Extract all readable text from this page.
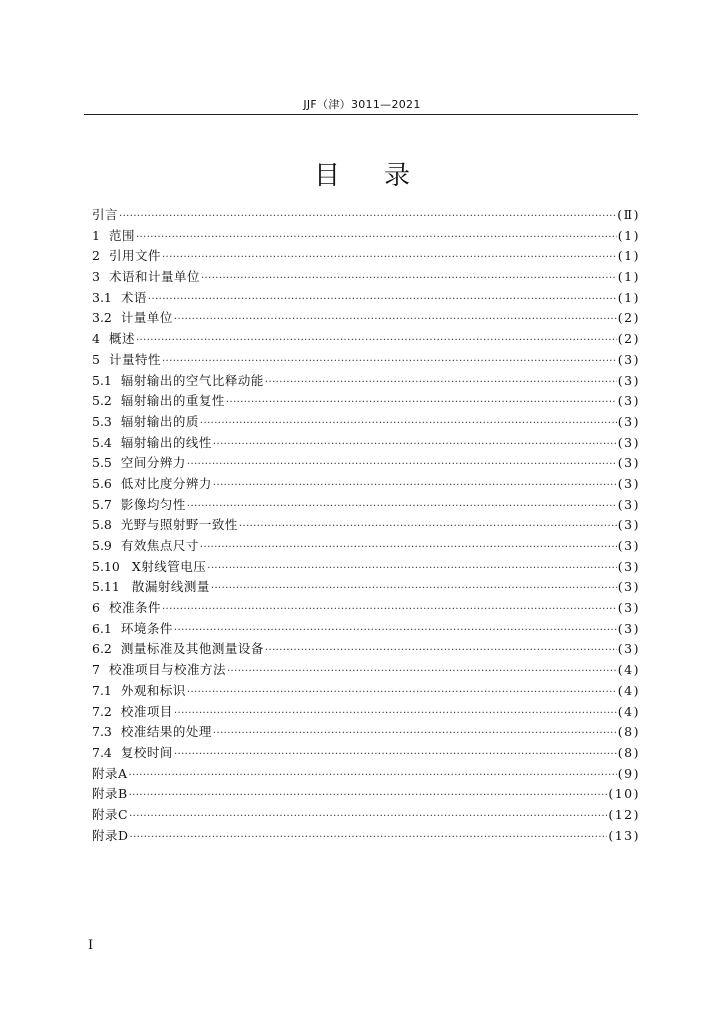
JJF（津）3011—2021
目录
引言 ·····	(Ⅱ)
1 范围 ·····	(1)
2 引用文件 ·····	(1)
3 术语和计量单位 ·····	(1)
3.1 术语 ·····	(1)
3.2 计量单位 ·····	(2)
4 概述 ·····	(2)
5 计量特性 ·····	(3)
5.1 辐射输出的空气比释动能 ·····	(3)
5.2 辐射输出的重复性 ·····	(3)
5.3 辐射输出的质 ·····	(3)
5.4 辐射输出的线性 ·····	(3)
5.5 空间分辨力 ·····	(3)
5.6 低对比度分辨力 ·····	(3)
5.7 影像均匀性 ·····	(3)
5.8 光野与照射野一致性 ·····	(3)
5.9 有效焦点尺寸 ·····	(3)
5.10 X射线管电压 ·····	(3)
5.11 散漏射线测量 ·····	(3)
6 校准条件 ·····	(3)
6.1 环境条件 ·····	(3)
6.2 测量标准及其他测量设备 ·····	(3)
7 校准项目与校准方法 ·····	(4)
7.1 外观和标识 ·····	(4)
7.2 校准项目 ·····	(4)
7.3 校准结果的处理 ·····	(8)
7.4 复校时间 ·····	(8)
附录A ·····	(9)
附录B ·····	(10)
附录C ·····	(12)
附录D ·····	(13)
I
